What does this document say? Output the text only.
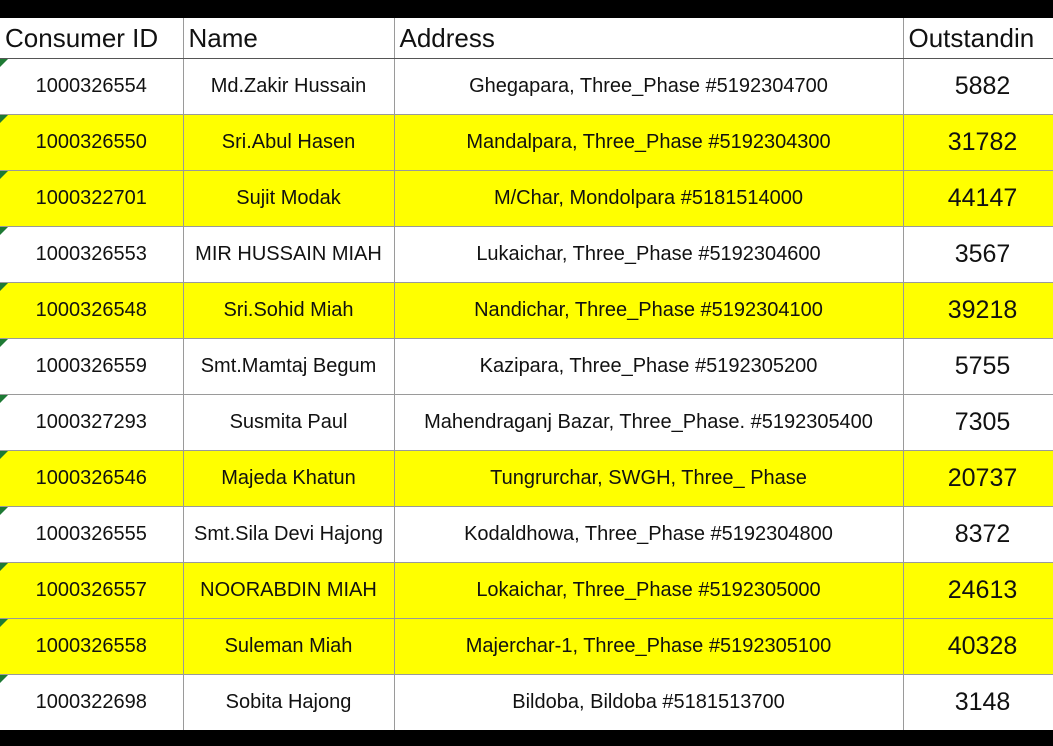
Consumer ID	Name	Address	Outstandin

1000326554	Md.Zakir Hussain	Ghegapara, Three_Phase #5192304700	5882

1000326550	Sri.Abul Hasen	Mandalpara, Three_Phase #5192304300	31782

1000322701	Sujit Modak	M/Char, Mondolpara #5181514000	44147

1000326553	MIR HUSSAIN MIAH	Lukaichar, Three_Phase #5192304600	3567

1000326548	Sri.Sohid Miah	Nandichar, Three_Phase #5192304100	39218

1000326559	Smt.Mamtaj Begum	Kazipara, Three_Phase #5192305200	5755

1000327293	Susmita Paul	Mahendraganj Bazar, Three_Phase. #5192305400	7305

1000326546	Majeda Khatun	Tungrurchar, SWGH, Three_ Phase	20737

1000326555	Smt.Sila Devi Hajong	Kodaldhowa, Three_Phase #5192304800	8372

1000326557	NOORABDIN MIAH	Lokaichar, Three_Phase #5192305000	24613

1000326558	Suleman Miah	Majerchar-1, Three_Phase #5192305100	40328

1000322698	Sobita Hajong	Bildoba, Bildoba #5181513700	3148
